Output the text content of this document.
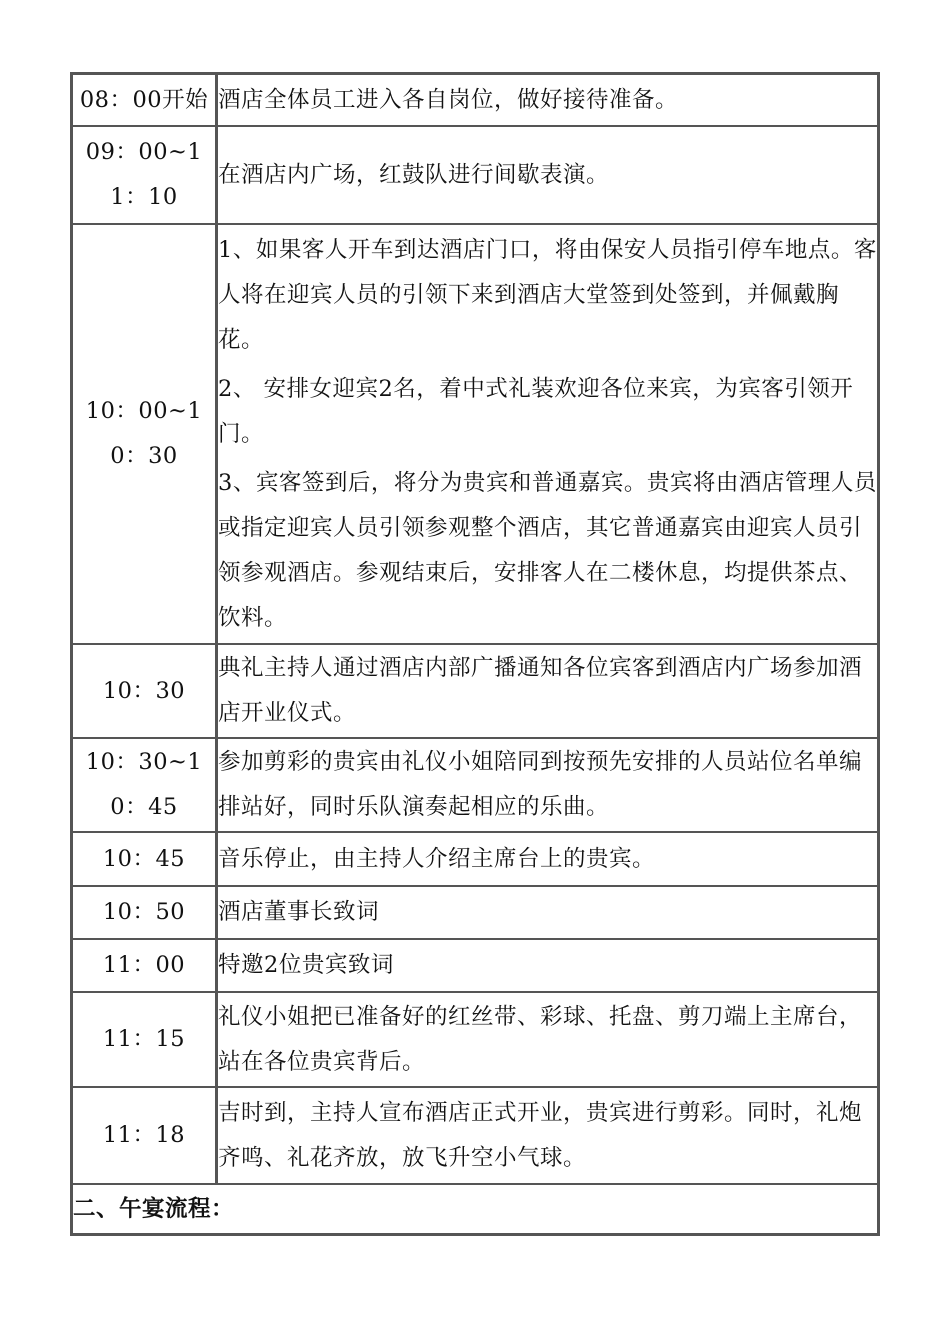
08：00开始	酒店全体员工进入各自岗位，做好接待准备。

09：00~11：10	在酒店内广场，红鼓队进行间歇表演。

10：00~10：30	1、如果客人开车到达酒店门口，将由保安人员指引停车地点。客人将在迎宾人员的引领下来到酒店大堂签到处签到，并佩戴胸花。

2、 安排女迎宾2名，着中式礼装欢迎各位来宾，为宾客引领开门。

3、宾客签到后，将分为贵宾和普通嘉宾。贵宾将由酒店管理人员或指定迎宾人员引领参观整个酒店，其它普通嘉宾由迎宾人员引领参观酒店。参观结束后，安排客人在二楼休息，均提供茶点、饮料。

10：30	典礼主持人通过酒店内部广播通知各位宾客到酒店内广场参加酒店开业仪式。

10：30~10：45	参加剪彩的贵宾由礼仪小姐陪同到按预先安排的人员站位名单编排站好，同时乐队演奏起相应的乐曲。

10：45	音乐停止，由主持人介绍主席台上的贵宾。

10：50	酒店董事长致词

11：00	特邀2位贵宾致词

11：15	礼仪小姐把已准备好的红丝带、彩球、托盘、剪刀端上主席台，站在各位贵宾背后。

11：18	吉时到，主持人宣布酒店正式开业，贵宾进行剪彩。同时，礼炮齐鸣、礼花齐放，放飞升空小气球。

二、午宴流程：	
